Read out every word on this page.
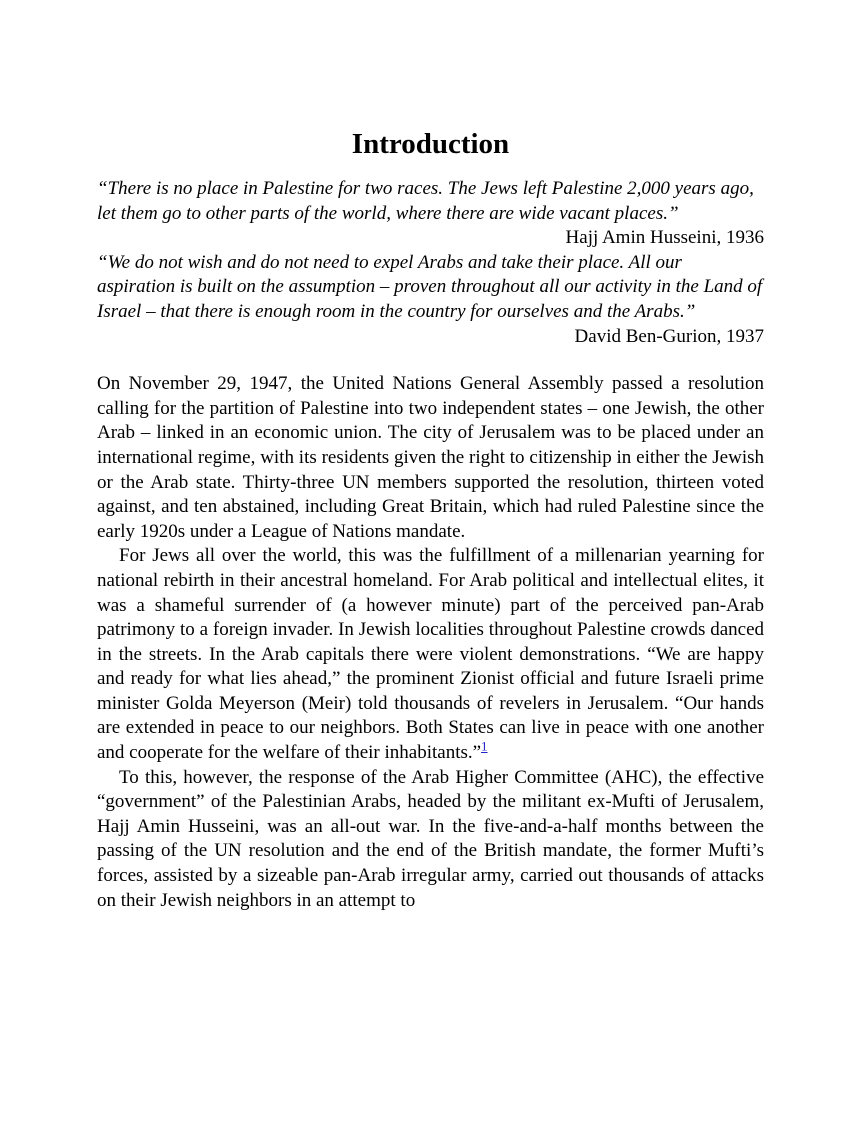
Introduction

“There is no place in Palestine for two races. The Jews left Palestine 2,000 years ago, let them go to other parts of the world, where there are wide vacant places.”

Hajj Amin Husseini, 1936

“We do not wish and do not need to expel Arabs and take their place. All our aspiration is built on the assumption – proven throughout all our activity in the Land of Israel – that there is enough room in the country for ourselves and the Arabs.”

David Ben-Gurion, 1937

On November 29, 1947, the United Nations General Assembly passed a resolution calling for the partition of Palestine into two independent states – one Jewish, the other Arab – linked in an economic union. The city of Jerusalem was to be placed under an international regime, with its residents given the right to citizenship in either the Jewish or the Arab state. Thirty-three UN members supported the resolution, thirteen voted against, and ten abstained, including Great Britain, which had ruled Palestine since the early 1920s under a League of Nations mandate.

For Jews all over the world, this was the fulfillment of a millenarian yearning for national rebirth in their ancestral homeland. For Arab political and intellectual elites, it was a shameful surrender of (a however minute) part of the perceived pan-Arab patrimony to a foreign invader. In Jewish localities throughout Palestine crowds danced in the streets. In the Arab capitals there were violent demonstrations. “We are happy and ready for what lies ahead,” the prominent Zionist official and future Israeli prime minister Golda Meyerson (Meir) told thousands of revelers in Jerusalem. “Our hands are extended in peace to our neighbors. Both States can live in peace with one another and cooperate for the welfare of their inhabitants.”$^1$

To this, however, the response of the Arab Higher Committee (AHC), the effective “government” of the Palestinian Arabs, headed by the militant ex-Mufti of Jerusalem, Hajj Amin Husseini, was an all-out war. In the five-and-a-half months between the passing of the UN resolution and the end of the British mandate, the former Mufti’s forces, assisted by a sizeable pan-Arab irregular army, carried out thousands of attacks on their Jewish neighbors in an attempt to
